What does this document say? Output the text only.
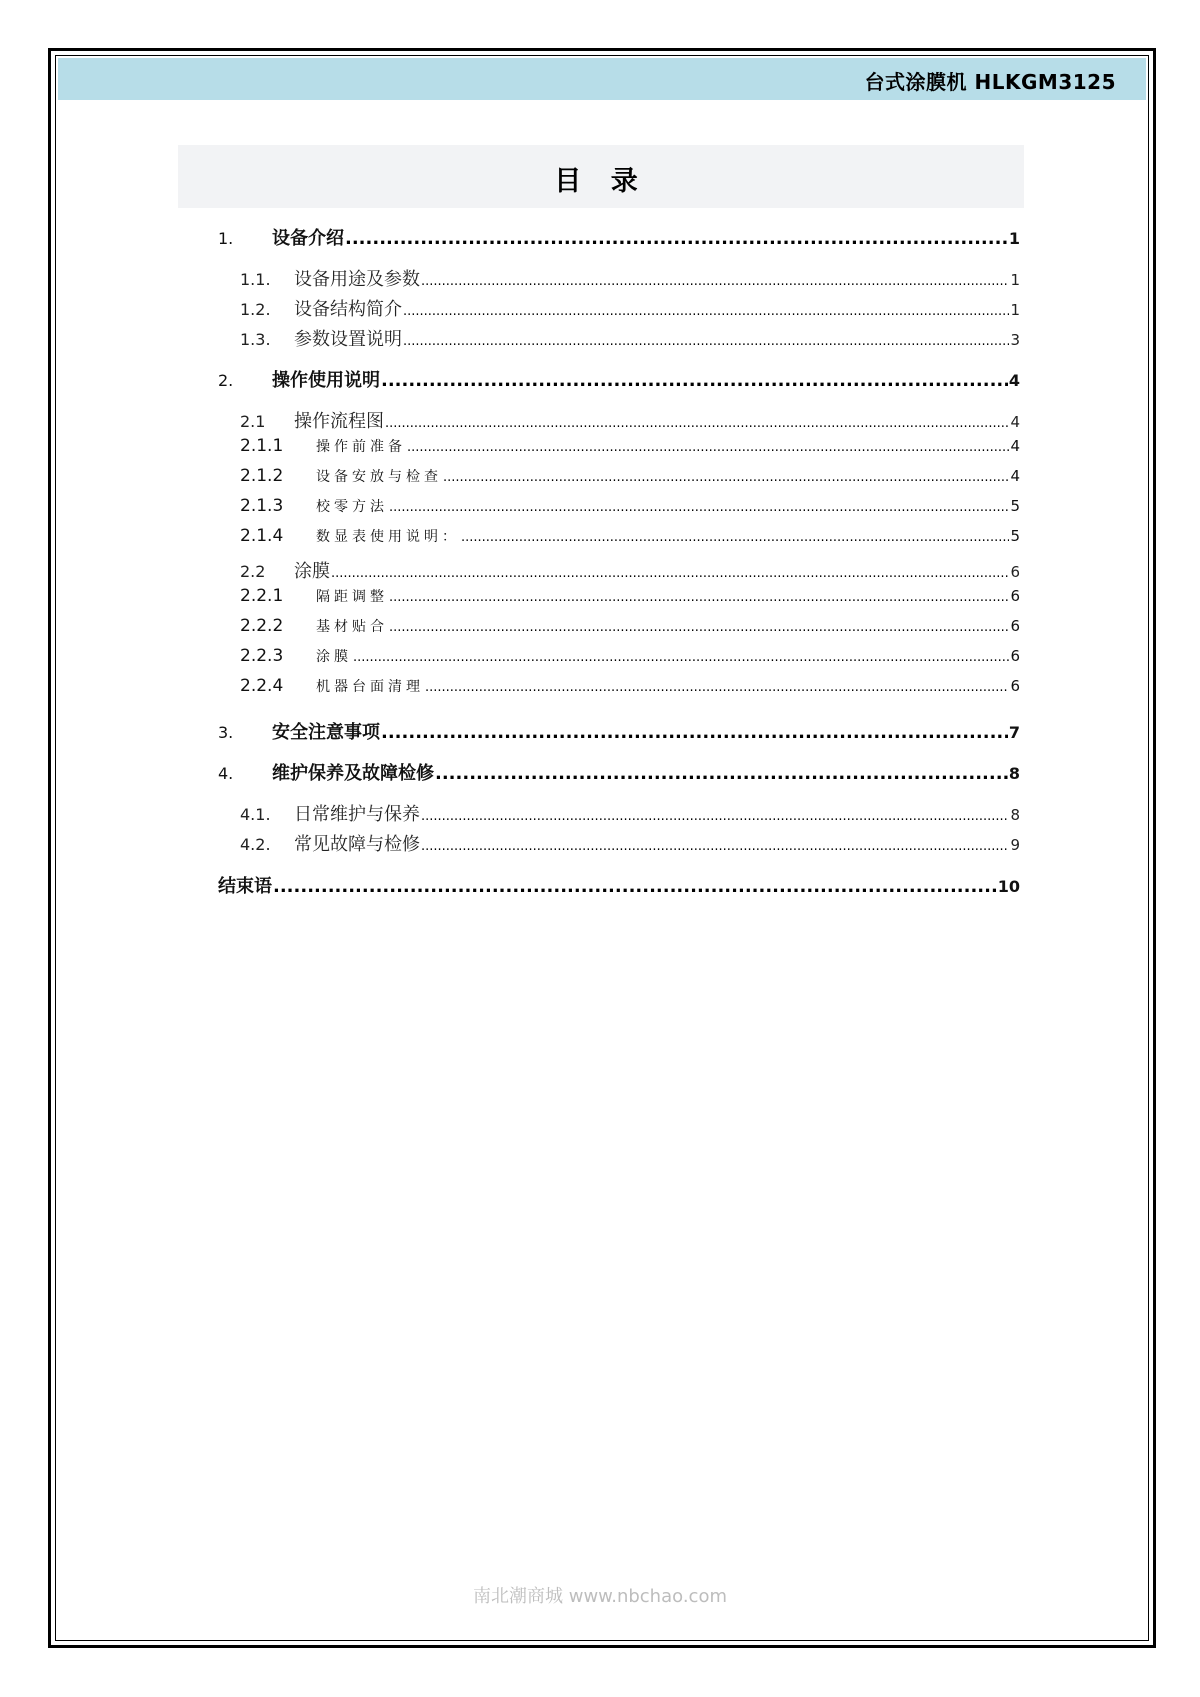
台式涂膜机 HLKGM3125
目 录
1.	设备介绍 .....	1
1.1.	设备用途及参数 .....	1
1.2.	设备结构简介 .....	1
1.3.	参数设置说明 .....	3
2.	操作使用说明 .....	4
2.1	操作流程图 .....	4
2.1.1	操作前准备 .....	4
2.1.2	设备安放与检查 .....	4
2.1.3	校零方法 .....	5
2.1.4	数显表使用说明： .....	5
2.2	涂膜 .....	6
2.2.1	隔距调整 .....	6
2.2.2	基材贴合 .....	6
2.2.3	涂膜 .....	6
2.2.4	机器台面清理 .....	6
3.	安全注意事项 .....	7
4.	维护保养及故障检修 .....	8
4.1.	日常维护与保养 .....	8
4.2.	常见故障与检修 .....	9
结束语 .....	10
南北潮商城 www.nbchao.com
